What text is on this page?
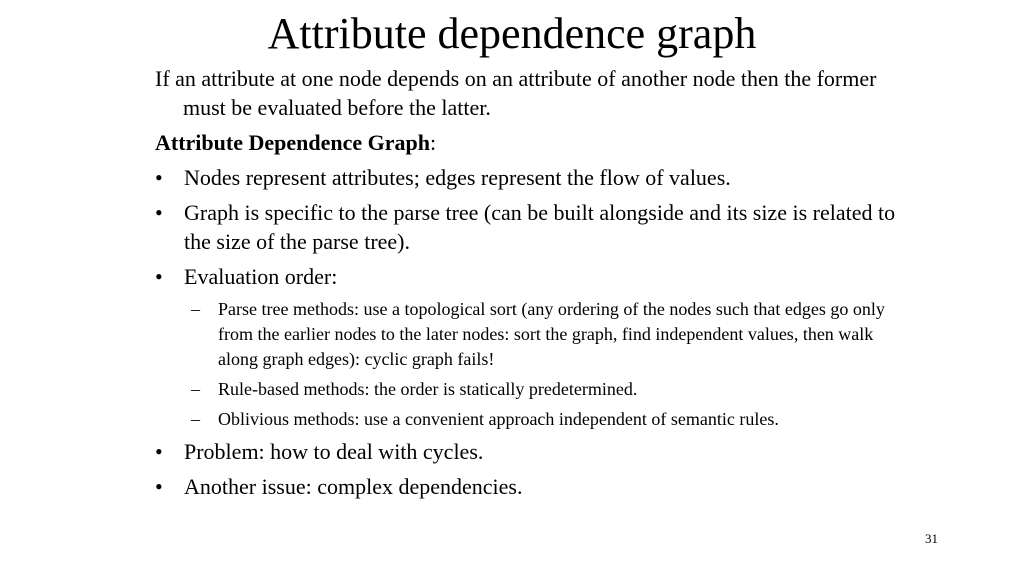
Attribute dependence graph

If an attribute at one node depends on an attribute of another node then the former must be evaluated before the latter.

Attribute Dependence Graph:

• Nodes represent attributes; edges represent the flow of values.
• Graph is specific to the parse tree (can be built alongside and its size is related to the size of the parse tree).
• Evaluation order:
–	Parse tree methods: use a topological sort (any ordering of the nodes such that edges go only from the earlier nodes to the later nodes: sort the graph, find independent values, then walk along graph edges): cyclic graph fails!
–	Rule-based methods: the order is statically predetermined.
–	Oblivious methods: use a convenient approach independent of semantic rules.
• Problem: how to deal with cycles.
• Another issue: complex dependencies.
31
